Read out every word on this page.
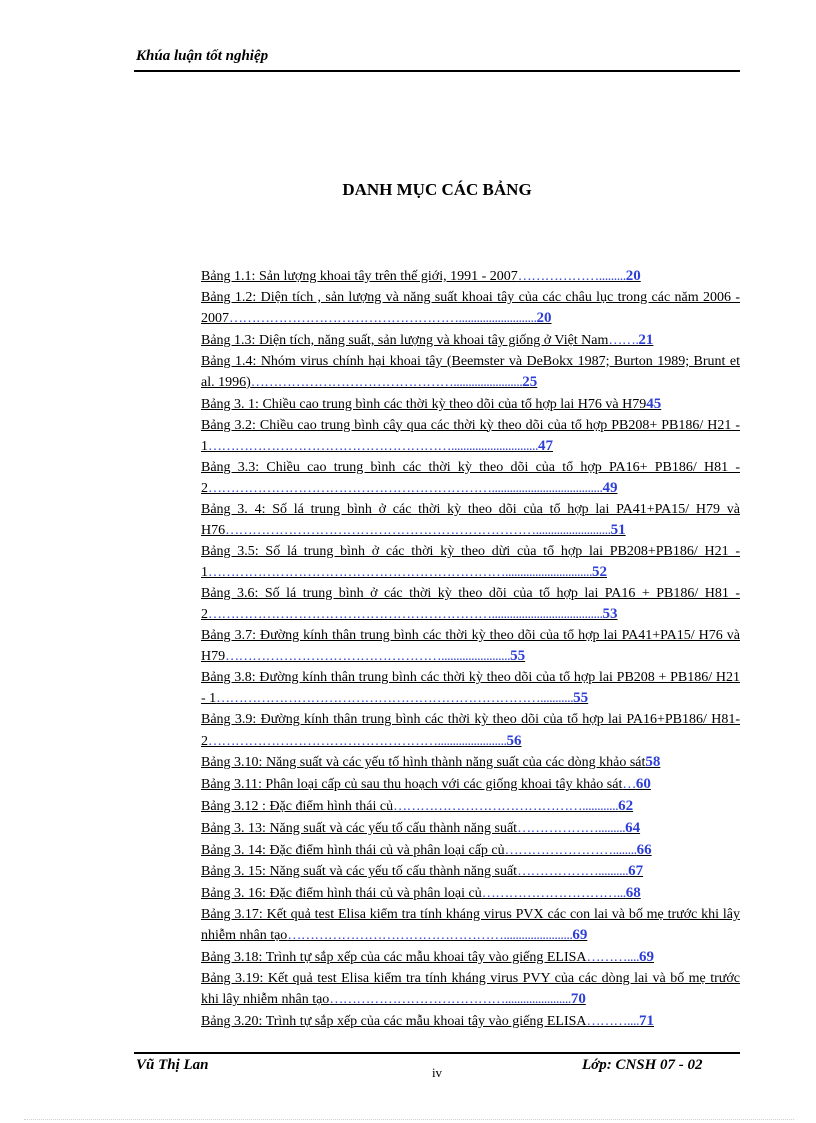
Khúa luận tốt nghiệp
DANH MỤC CÁC BẢNG
Bảng 1.1: Sản lượng khoai tây trên thế giới, 1991 - 2007……………….........20
Bảng 1.2: Diện tích , sản lượng và năng suất khoai tây của các châu lục trong các năm 2006 - 2007……………………………………………..........................20
Bảng 1.3: Diện tích, năng suất, sản lượng và khoai tây giống ở Việt Nam…….21
Bảng 1.4: Nhóm virus chính hại khoai tây (Beemster và DeBokx 1987; Burton 1989; Brunt et al. 1996)……………………………………….......................25
Bảng 3. 1: Chiều cao trung bình các thời kỳ theo dõi của tổ hợp lai H76 và H7945
Bảng 3.2: Chiều cao trung bình cây qua các thời kỳ theo dõi của tổ hợp PB208+ PB186/ H21 - 1……………………………………………….............................47
Bảng 3.3: Chiều cao trung bình các thời kỳ theo dõi của tổ hợp PA16+ PB186/ H81 - 2……………………………………………………….....................................49
Bảng 3. 4: Số lá trung bình ở các thời kỳ theo dõi của tổ hợp lai PA41+PA15/ H79 và H76…………………………………………………………….........................51
Bảng 3.5: Số lá trung bình ở các thời kỳ theo dừi của tổ hợp lai PB208+PB186/ H21 - 1………………………………………………………….............................52
Bảng 3.6: Số lá trung bình ở các thời kỳ theo dõi của tổ hợp lai PA16 + PB186/ H81 - 2……………………………………………………….....................................53
Bảng 3.7: Đường kính thân trung bình các thời kỳ theo dõi của tổ hợp lai PA41+PA15/ H76 và H79………………………………………….......................55
Bảng 3.8: Đường kính thân trung bình các thời kỳ theo dõi của tổ hợp lai PB208 + PB186/ H21 - 1………………………………………………………………...........55
Bảng 3.9: Đường kính thân trung bình các thời kỳ theo dõi của tổ hợp lai PA16+PB186/ H81-2…………………………………………….......................56
Bảng 3.10: Năng suất và các yếu tố hình thành năng suất của các dòng khảo sát58
Bảng 3.11: Phân loại cấp củ sau thu hoạch với các giống khoai tây khảo sát…60
Bảng 3.12 : Đặc điểm hình thái củ……………………………………............62
Bảng 3. 13: Năng suất và các yếu tố cấu thành năng suất……………….........64
Bảng 3. 14: Đặc điểm hình thái củ và phân loại cấp củ……………………........66
Bảng 3. 15: Năng suất và các yếu tố cấu thành năng suất………………..........67
Bảng 3. 16: Đặc điểm hình thái củ và phân loại củ…………………………...68
Bảng 3.17: Kết quả test Elisa kiểm tra tính kháng virus PVX các con lai và bố mẹ trước khi lây nhiễm nhân tạo………………………………………….......................69
Bảng 3.18: Trình tự sắp xếp của các mẫu khoai tây vào giếng ELISA………....69
Bảng 3.19: Kết quả test Elisa kiểm tra tính kháng virus PVY của các dòng lai và bố mẹ trước khi lây nhiễm nhân tạo…………………………………......................70
Bảng 3.20: Trình tự sắp xếp của các mẫu khoai tây vào giếng ELISA………....71
Vũ Thị Lan	iv	Lớp: CNSH 07 - 02
